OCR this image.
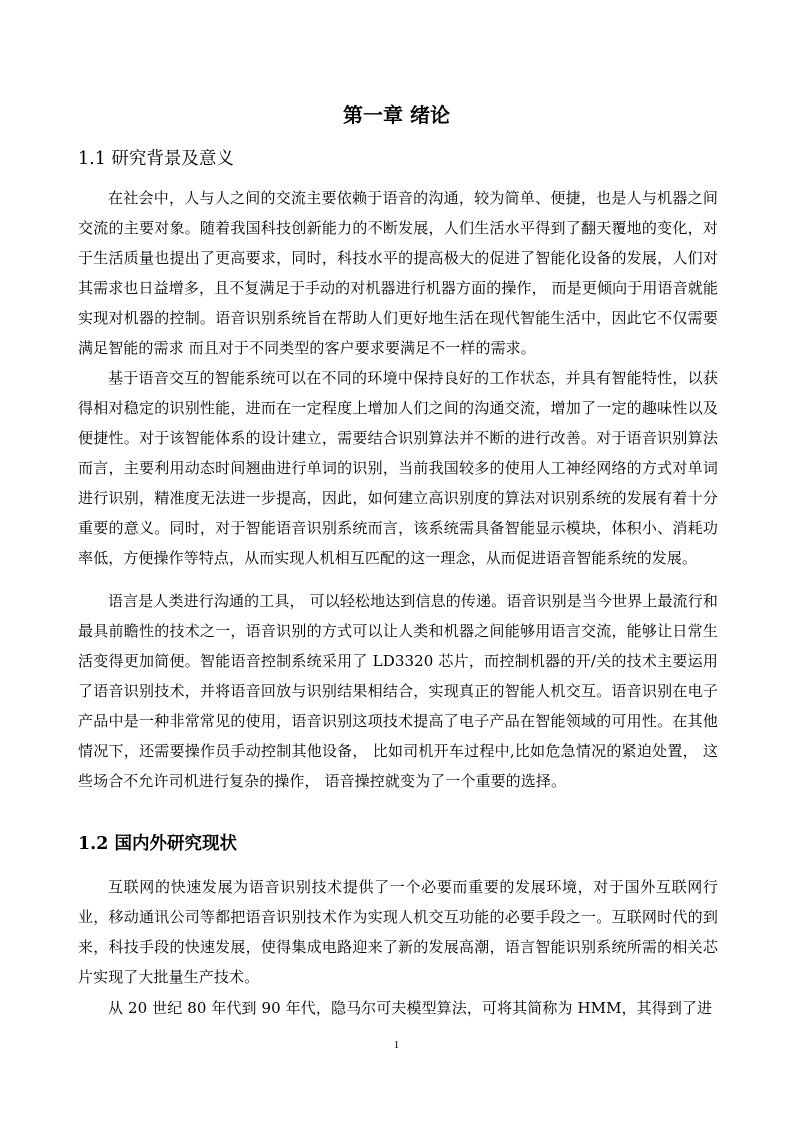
第一章 绪论
1.1 研究背景及意义

在社会中，人与人之间的交流主要依赖于语音的沟通，较为简单、便捷，也是人与机器之间交流的主要对象。随着我国科技创新能力的不断发展，人们生活水平得到了翻天覆地的变化，对于生活质量也提出了更高要求，同时，科技水平的提高极大的促进了智能化设备的发展，人们对其需求也日益增多，且不复满足于手动的对机器进行机器方面的操作， 而是更倾向于用语音就能实现对机器的控制。语音识别系统旨在帮助人们更好地生活在现代智能生活中，因此它不仅需要满足智能的需求 而且对于不同类型的客户要求要满足不一样的需求。

基于语音交互的智能系统可以在不同的环境中保持良好的工作状态，并具有智能特性，以获得相对稳定的识别性能，进而在一定程度上增加人们之间的沟通交流，增加了一定的趣味性以及便捷性。对于该智能体系的设计建立，需要结合识别算法并不断的进行改善。对于语音识别算法而言，主要利用动态时间翘曲进行单词的识别，当前我国较多的使用人工神经网络的方式对单词进行识别，精准度无法进一步提高，因此，如何建立高识别度的算法对识别系统的发展有着十分重要的意义。同时，对于智能语音识别系统而言，该系统需具备智能显示模块，体积小、消耗功率低，方便操作等特点，从而实现人机相互匹配的这一理念，从而促进语音智能系统的发展。

语言是人类进行沟通的工具， 可以轻松地达到信息的传递。语音识别是当今世界上最流行和最具前瞻性的技术之一，语音识别的方式可以让人类和机器之间能够用语言交流，能够让日常生活变得更加简便。智能语音控制系统采用了 LD3320 芯片，而控制机器的开/关的技术主要运用了语音识别技术，并将语音回放与识别结果相结合，实现真正的智能人机交互。语音识别在电子产品中是一种非常常见的使用，语音识别这项技术提高了电子产品在智能领域的可用性。在其他情况下，还需要操作员手动控制其他设备， 比如司机开车过程中,比如危急情况的紧迫处置， 这些场合不允许司机进行复杂的操作， 语音操控就变为了一个重要的选择。

1.2 国内外研究现状

互联网的快速发展为语音识别技术提供了一个必要而重要的发展环境，对于国外互联网行业，移动通讯公司等都把语音识别技术作为实现人机交互功能的必要手段之一。互联网时代的到来，科技手段的快速发展，使得集成电路迎来了新的发展高潮，语言智能识别系统所需的相关芯片实现了大批量生产技术。

从 20 世纪 80 年代到 90 年代，隐马尔可夫模型算法，可将其简称为 HMM，其得到了进

1
